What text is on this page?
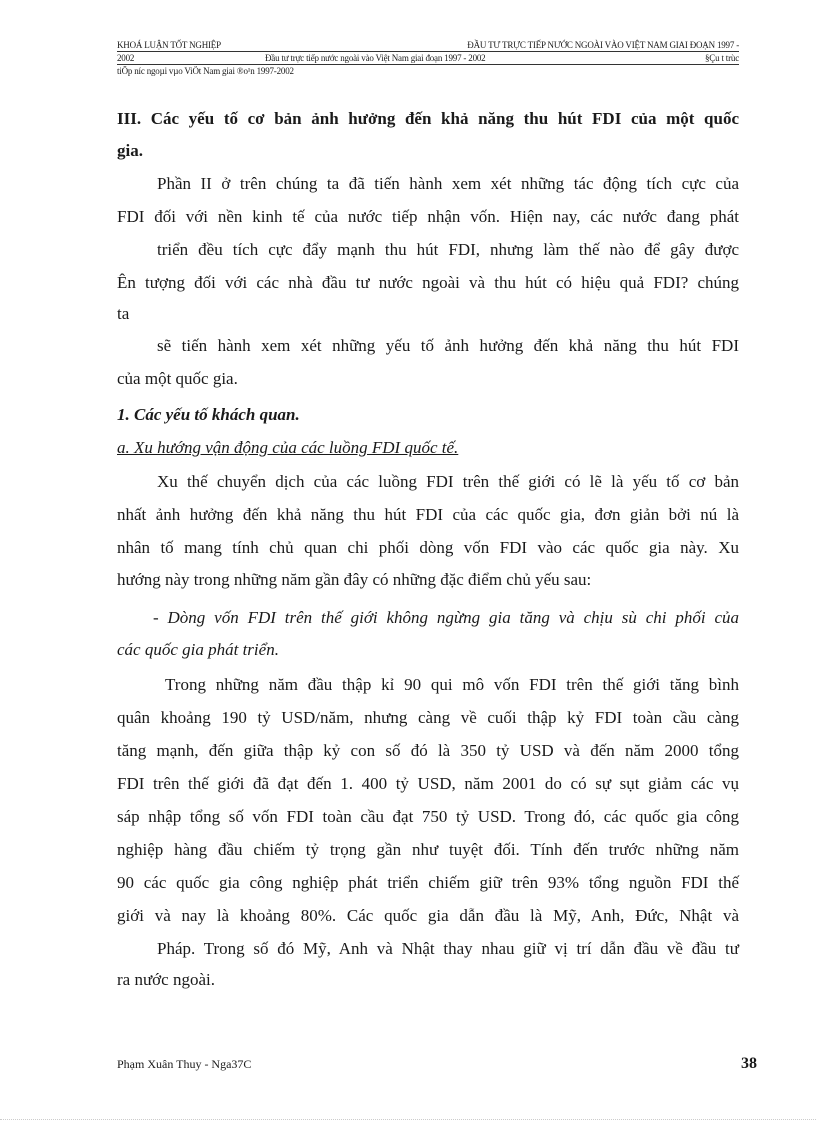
KHOÁ LUẬN TỐT NGHIỆP	ĐẦU TƯ TRỰC TIẾP NƯỚC NGOÀI VÀO VIỆT NAM GIAI ĐOẠN 1997 -
2002	Đầu tư trực tiếp nước ngoài vào Việt Nam giai đoạn 1997 - 2002	§Çu t trùc
tiÕp níc ngoµi vµo ViÖt Nam giai ®o¹n 1997-2002
III. Các yếu tố cơ bản ảnh hưởng đến khả năng thu hút FDI của một quốc
gia.
Phần II ở trên chúng ta đã tiến hành xem xét những tác động tích cực của
FDI đối với nền kinh tế của nước tiếp nhận vốn. Hiện nay, các nước đang phát
triển đều tích cực đẩy mạnh thu hút FDI, nhưng làm thế nào để gây được
Ên tượng đối với các nhà đầu tư nước ngoài và thu hút có hiệu quả FDI? chúng
ta
sẽ tiến hành xem xét những yếu tố ảnh hưởng đến khả năng thu hút FDI
của một quốc gia.
1. Các yếu tố khách quan.
a. Xu hướng vận động của các luồng FDI quốc tế.
Xu thế chuyển dịch của các luồng FDI trên thế giới có lẽ là yếu tố cơ bản
nhất ảnh hưởng đến khả năng thu hút FDI của các quốc gia, đơn giản bởi nú là
nhân tố mang tính chủ quan chi phối dòng vốn FDI vào các quốc gia này. Xu
hướng này trong những năm gần đây có những đặc điểm chủ yếu sau:
- Dòng vốn FDI trên thế giới không ngừng gia tăng và chịu sù chi phối của
các quốc gia phát triển.
Trong những năm đầu thập kỉ 90 qui mô vốn FDI trên thế giới tăng bình
quân khoảng 190 tỷ USD/năm, nhưng càng về cuối thập kỷ FDI toàn cầu càng
tăng mạnh, đến giữa thập kỷ con số đó là 350 tỷ USD và đến năm 2000 tổng
FDI trên thế giới đã đạt đến 1. 400 tỷ USD, năm 2001 do có sự sụt giảm các vụ
sáp nhập tổng số vốn FDI toàn cầu đạt 750 tỷ USD. Trong đó, các quốc gia công
nghiệp hàng đầu chiếm tỷ trọng gần như tuyệt đối. Tính đến trước những năm
90 các quốc gia công nghiệp phát triển chiếm giữ trên 93% tổng nguồn FDI thế
giới và nay là khoảng 80%. Các quốc gia dẫn đầu là Mỹ, Anh, Đức, Nhật và
Pháp. Trong số đó Mỹ, Anh và Nhật thay nhau giữ vị trí dẫn đầu về đầu tư
ra nước ngoài.
Phạm Xuân Thuy - Nga37C	38
